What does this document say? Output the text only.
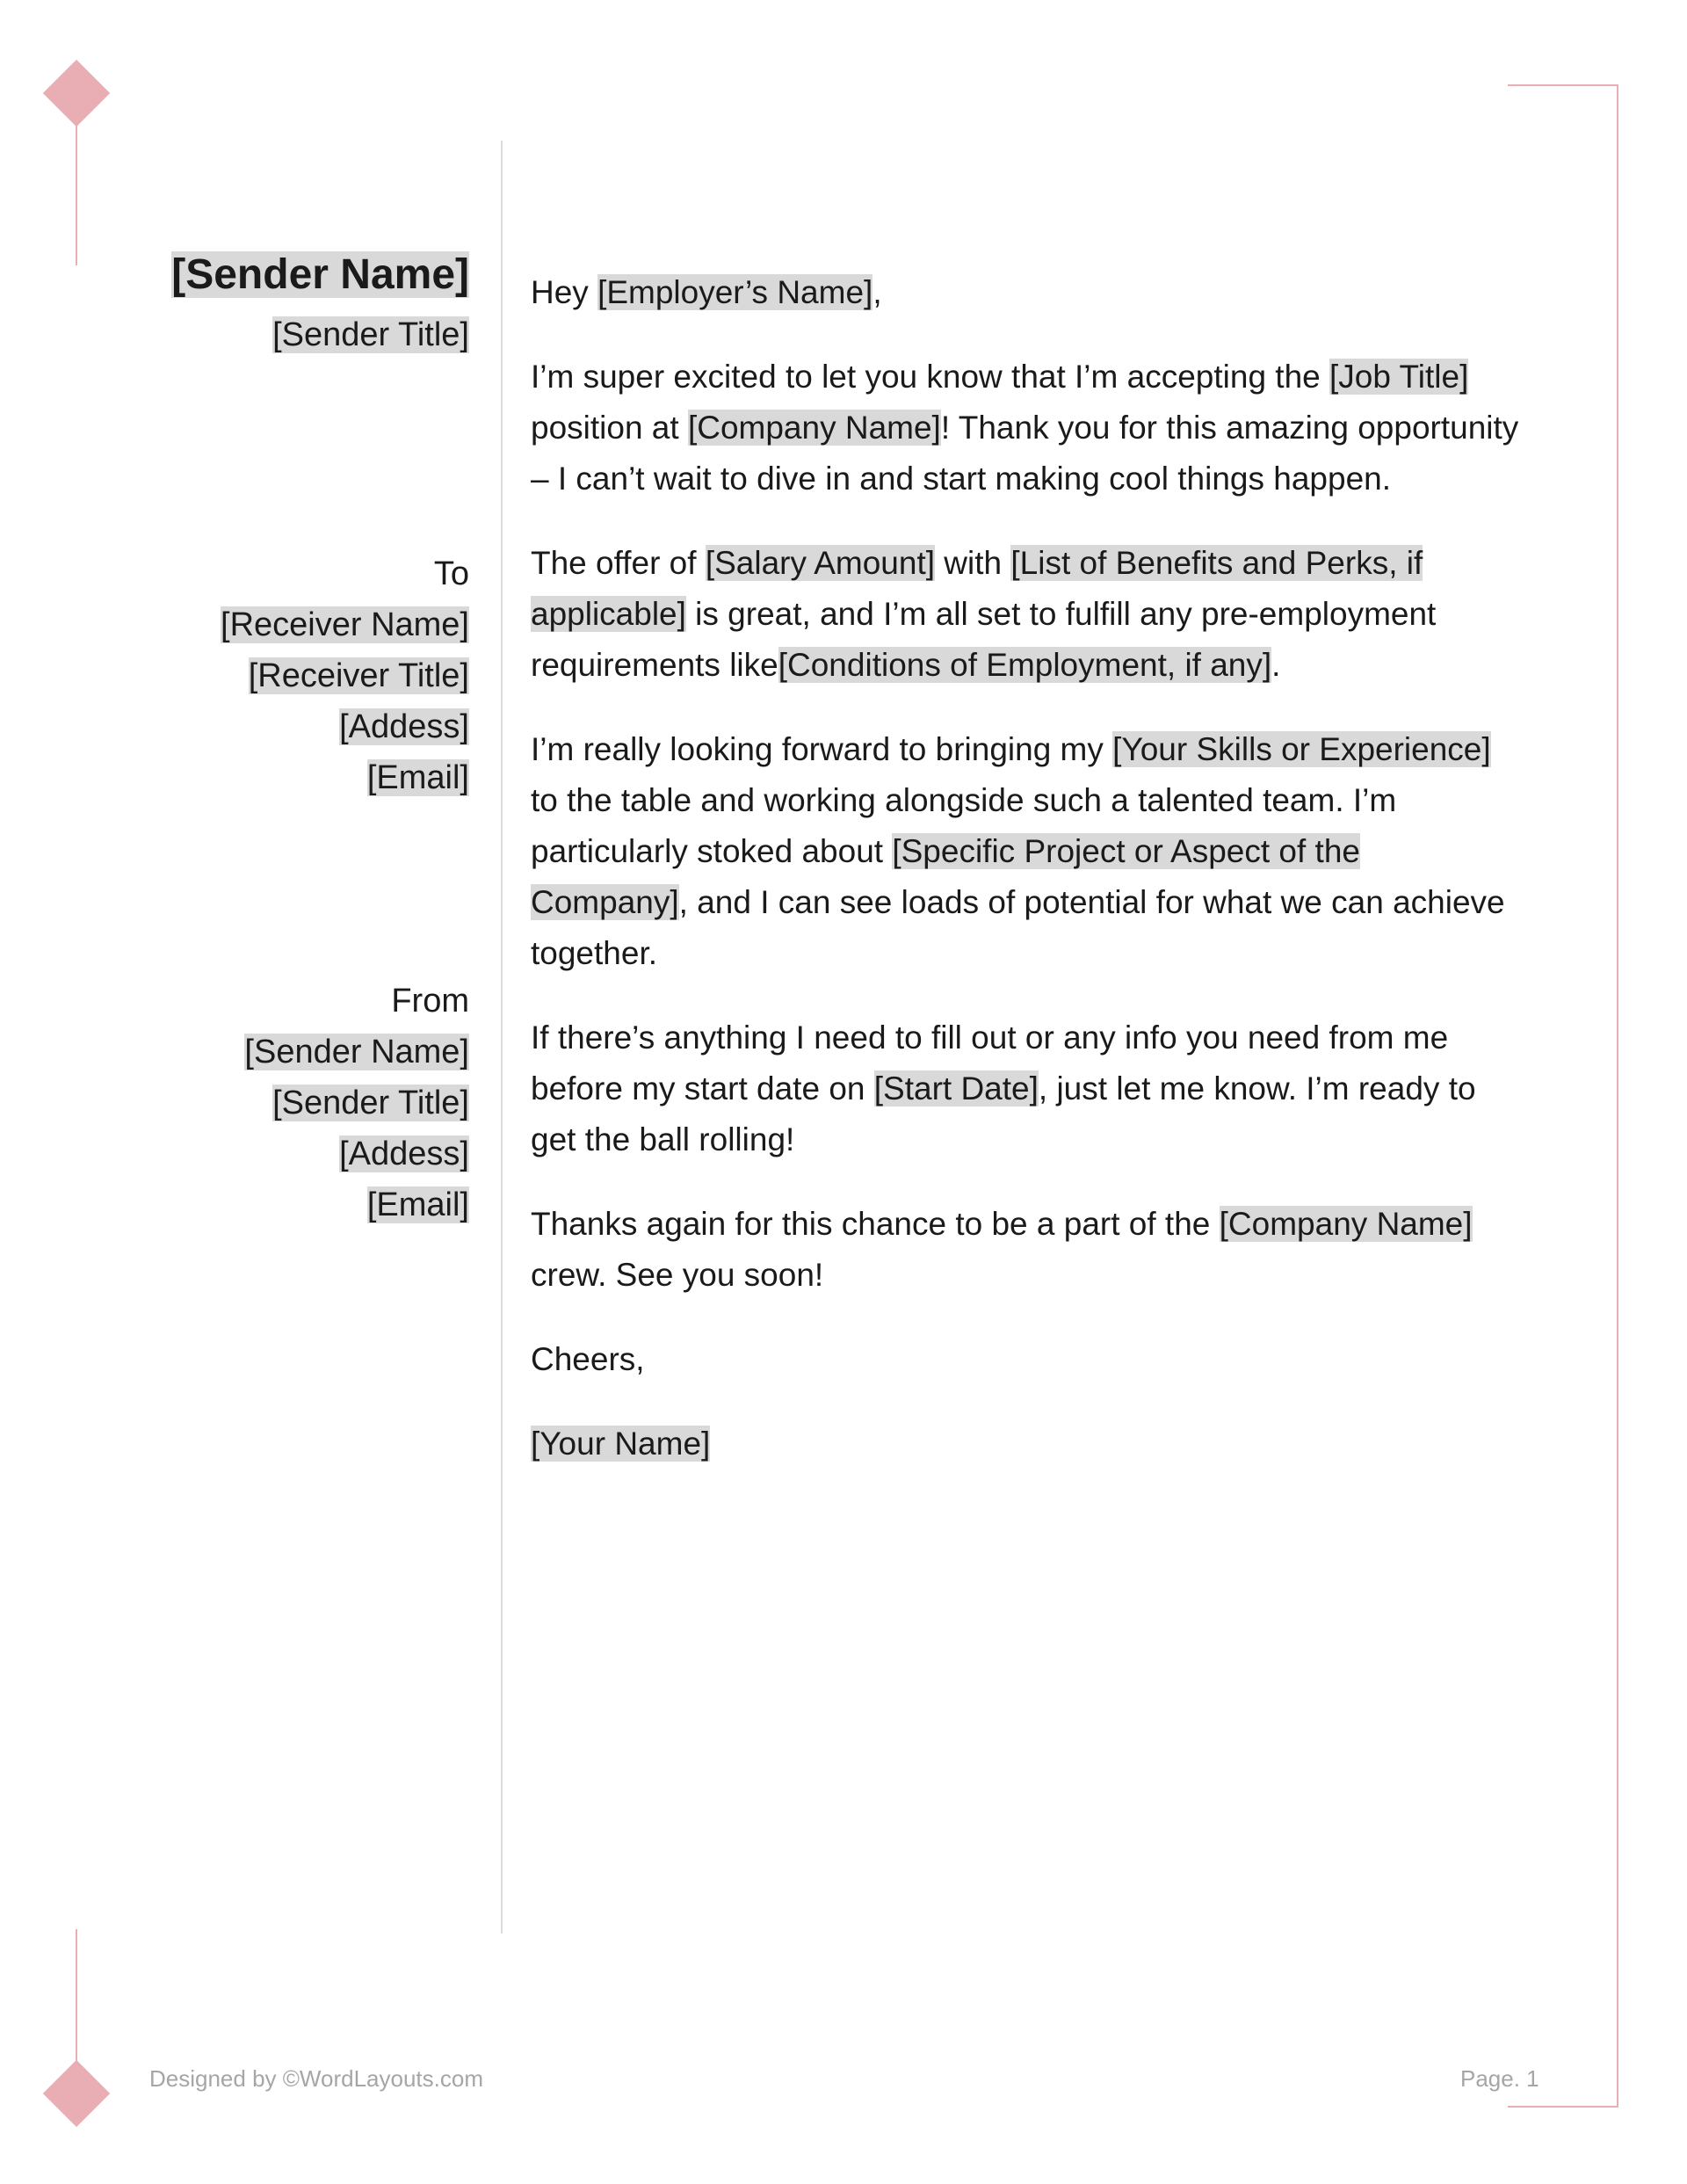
[Sender Name]
[Sender Title]
To
[Receiver Name]
[Receiver Title]
[Addess]
[Email]
From
[Sender Name]
[Sender Title]
[Addess]
[Email]

Hey [Employer’s Name],

I’m super excited to let you know that I’m accepting the [Job Title] position at [Company Name]! Thank you for this amazing opportunity – I can’t wait to dive in and start making cool things happen.

The offer of [Salary Amount] with [List of Benefits and Perks, if applicable] is great, and I’m all set to fulfill any pre-employment requirements like[Conditions of Employment, if any].

I’m really looking forward to bringing my [Your Skills or Experience] to the table and working alongside such a talented team. I’m particularly stoked about [Specific Project or Aspect of the Company], and I can see loads of potential for what we can achieve together.

If there’s anything I need to fill out or any info you need from me before my start date on [Start Date], just let me know. I’m ready to get the ball rolling!

Thanks again for this chance to be a part of the [Company Name] crew. See you soon!

Cheers,

[Your Name]

Designed by ©WordLayouts.com	Page. 1
